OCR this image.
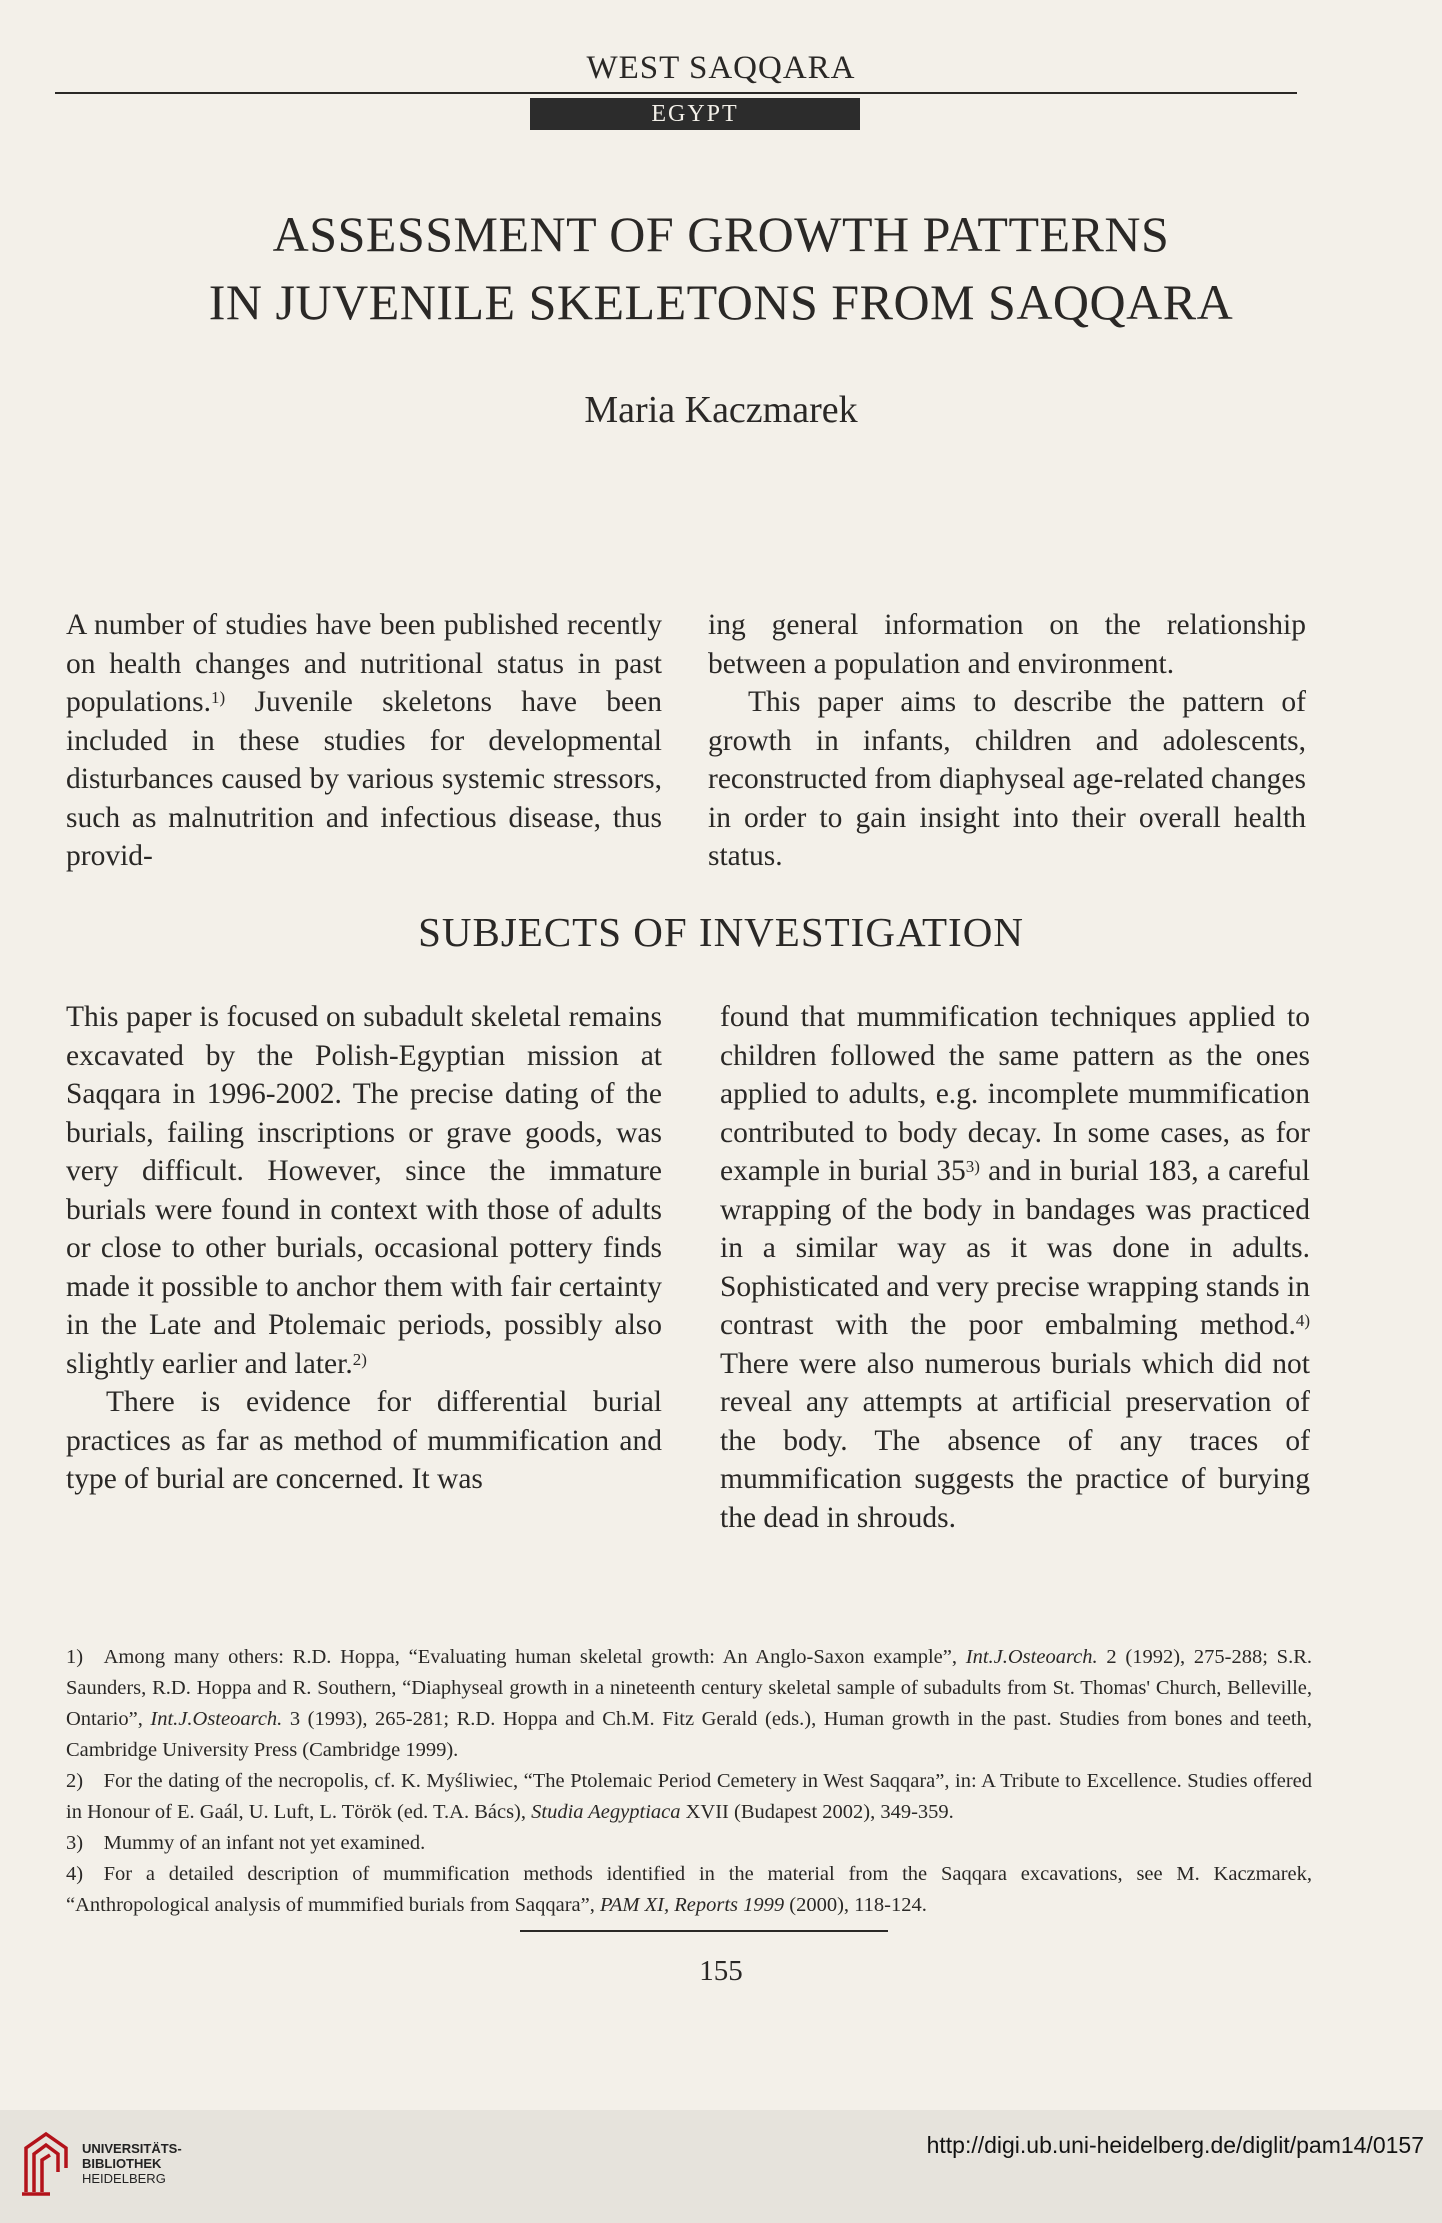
WEST SAQQARA
EGYPT
ASSESSMENT OF GROWTH PATTERNS
IN JUVENILE SKELETONS FROM SAQQARA
Maria Kaczmarek

A number of studies have been published recently on health changes and nutritional status in past populations.$^{1)}$ Juvenile skeletons have been included in these studies for developmental disturbances caused by various systemic stressors, such as malnutrition and infectious disease, thus provid-

ing general information on the relationship between a population and environment.

This paper aims to describe the pattern of growth in infants, children and adolescents, reconstructed from diaphyseal age-related changes in order to gain insight into their overall health status.

SUBJECTS OF INVESTIGATION

This paper is focused on subadult skeletal remains excavated by the Polish-Egyptian mission at Saqqara in 1996-2002. The precise dating of the burials, failing inscriptions or grave goods, was very difficult. However, since the immature burials were found in context with those of adults or close to other burials, occasional pottery finds made it possible to anchor them with fair certainty in the Late and Ptolemaic periods, possibly also slightly earlier and later.$^{2)}$

There is evidence for differential burial practices as far as method of mummification and type of burial are concerned. It was

found that mummification techniques applied to children followed the same pattern as the ones applied to adults, e.g. incomplete mummification contributed to body decay. In some cases, as for example in burial 35$^{3)}$ and in burial 183, a careful wrapping of the body in bandages was practiced in a similar way as it was done in adults. Sophisticated and very precise wrapping stands in contrast with the poor embalming method.$^{4)}$ There were also numerous burials which did not reveal any attempts at artificial preservation of the body. The absence of any traces of mummification suggests the practice of burying the dead in shrouds.

1) Among many others: R.D. Hoppa, “Evaluating human skeletal growth: An Anglo-Saxon example”, Int.J.Osteoarch. 2 (1992), 275-288; S.R. Saunders, R.D. Hoppa and R. Southern, “Diaphyseal growth in a nineteenth century skeletal sample of subadults from St. Thomas' Church, Belleville, Ontario”, Int.J.Osteoarch. 3 (1993), 265-281; R.D. Hoppa and Ch.M. Fitz Gerald (eds.), Human growth in the past. Studies from bones and teeth, Cambridge University Press (Cambridge 1999).

2) For the dating of the necropolis, cf. K. Myśliwiec, “The Ptolemaic Period Cemetery in West Saqqara”, in: A Tribute to Excellence. Studies offered in Honour of E. Gaál, U. Luft, L. Török (ed. T.A. Bács), Studia Aegyptiaca XVII (Budapest 2002), 349-359.

3) Mummy of an infant not yet examined.

4) For a detailed description of mummification methods identified in the material from the Saqqara excavations, see M. Kaczmarek, “Anthropological analysis of mummified burials from Saqqara”, PAM XI, Reports 1999 (2000), 118-124.

155
UNIVERSITÄTS-
BIBLIOTHEK
HEIDELBERG
http://digi.ub.uni-heidelberg.de/diglit/pam14/0157
